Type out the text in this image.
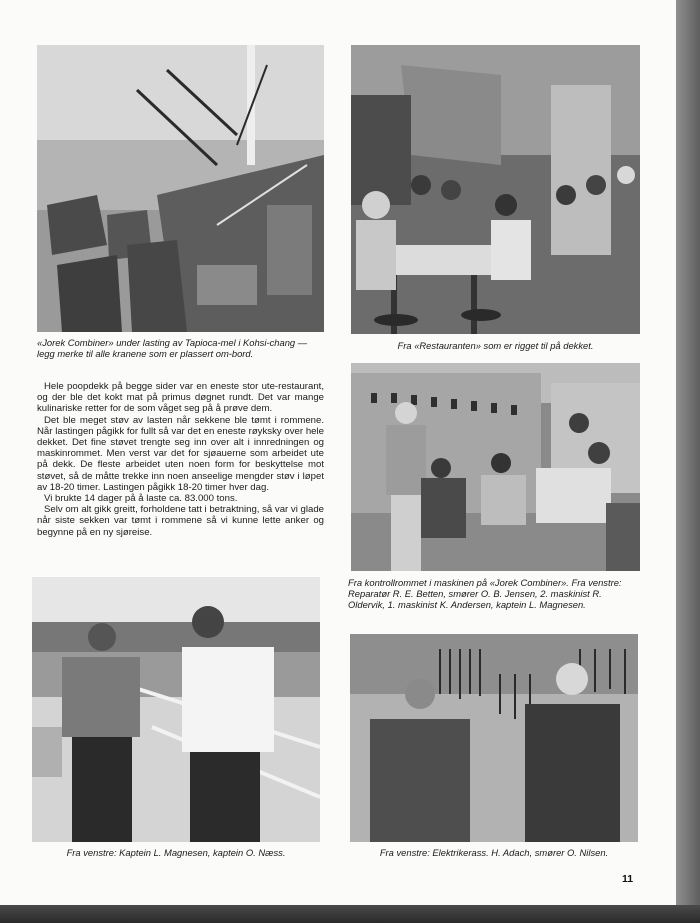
«Jorek Combiner» under lasting av Tapioca-mel i Kohsi-chang — legg merke til alle kranene som er plassert om-bord.

Hele poopdekk på begge sider var en eneste stor ute-restaurant, og der ble det kokt mat på primus døgnet rundt. Det var mange kulinariske retter for de som våget seg på å prøve dem.

Det ble meget støv av lasten når sekkene ble tømt i rommene. Når lastingen pågikk for fullt så var det en eneste røyksky over hele dekket. Det fine støvet trengte seg inn over alt i innredningen og maskinrommet. Men verst var det for sjøauerne som arbeidet ute på dekk. De fleste arbeidet uten noen form for beskyttelse mot støvet, så de måtte trekke inn noen anseelige mengder støv i løpet av 18-20 timer. Lastingen pågikk 18-20 timer hver dag.

Vi brukte 14 dager på å laste ca. 83.000 tons.

Selv om alt gikk greitt, forholdene tatt i betraktning, så var vi glade når siste sekken var tømt i rommene så vi kunne lette anker og begynne på en ny sjøreise.

Fra «Restauranten» som er rigget til på dekket.

Fra kontrollrommet i maskinen på «Jorek Combiner». Fra venstre: Reparatør R. E. Betten, smører O. B. Jensen, 2. maskinist R. Oldervik, 1. maskinist K. Andersen, kaptein L. Magnesen.

Fra venstre: Kaptein L. Magnesen, kaptein O. Næss.	Fra venstre: Elektrikerass. H. Adach, smører O. Nilsen.

11
